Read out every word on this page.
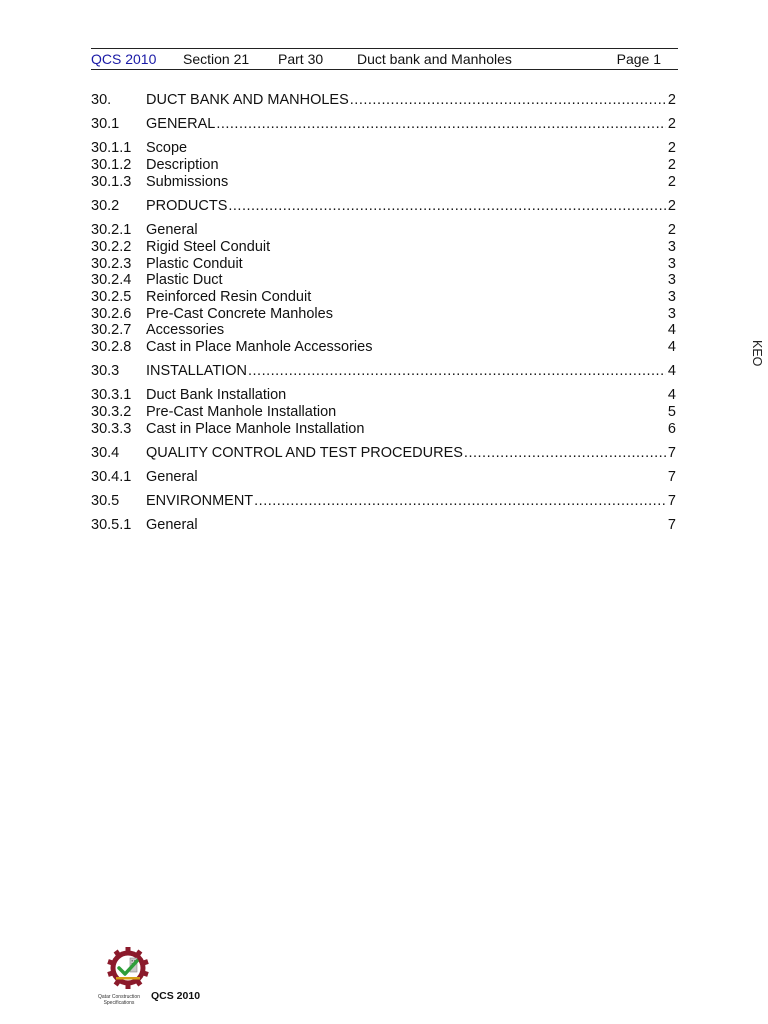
QCS 2010 Section 21 Part 30 Duct bank and Manholes	Page 1
30. DUCT BANK AND MANHOLES .....	2
30.1 GENERAL .....	2
30.1.1 Scope	2
30.1.2 Description	2
30.1.3 Submissions	2
30.2 PRODUCTS .....	2
30.2.1 General	2
30.2.2 Rigid Steel Conduit	3
30.2.3 Plastic Conduit	3
30.2.4 Plastic Duct	3
30.2.5 Reinforced Resin Conduit	3
30.2.6 Pre-Cast Concrete Manholes	3
30.2.7 Accessories	4
30.2.8 Cast in Place Manhole Accessories	4
30.3 INSTALLATION .....	4
30.3.1 Duct Bank Installation	4
30.3.2 Pre-Cast Manhole Installation	5
30.3.3 Cast in Place Manhole Installation	6
30.4 QUALITY CONTROL AND TEST PROCEDURES .....	7
30.4.1 General	7
30.5 ENVIRONMENT .....	7
30.5.1 General	7
KEO
Qatar Construction Specifications
QCS 2010
